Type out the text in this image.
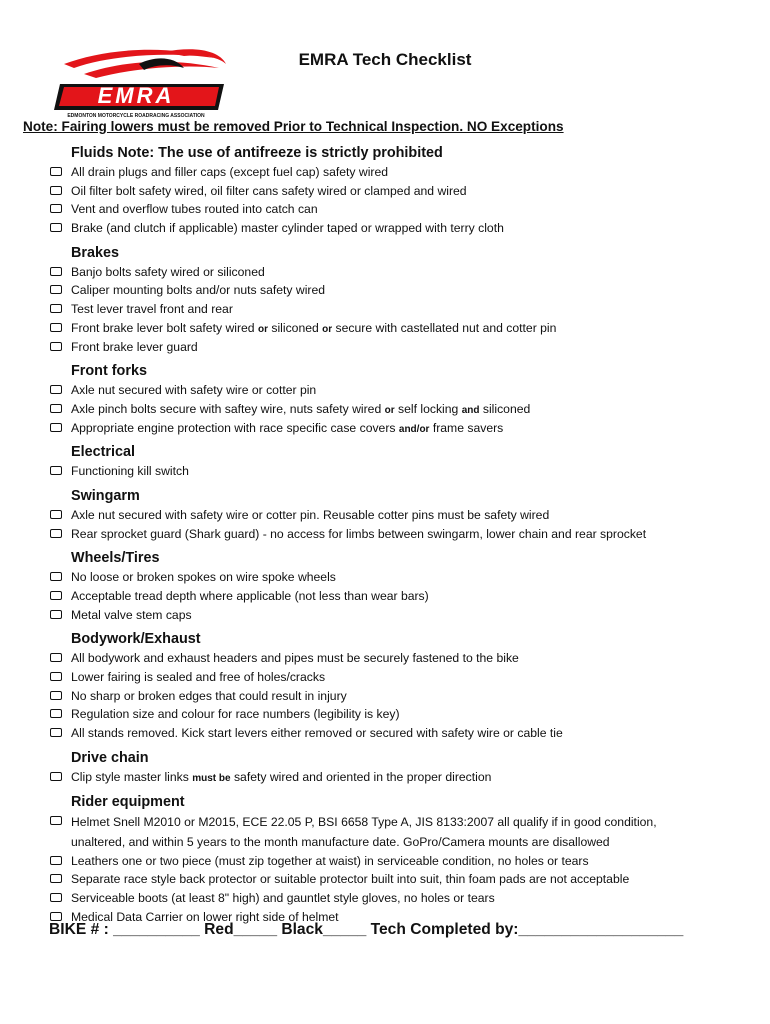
EMRA
EDMONTON MOTORCYCLE ROADRACING ASSOCIATION
EMRA Tech Checklist
Note: Fairing lowers must be removed Prior to Technical Inspection. NO Exceptions
Fluids Note: The use of antifreeze is strictly prohibited
All drain plugs and filler caps (except fuel cap) safety wired
Oil filter bolt safety wired, oil filter cans safety wired or clamped and wired
Vent and overflow tubes routed into catch can
Brake (and clutch if applicable) master cylinder taped or wrapped with terry cloth
Brakes
Banjo bolts safety wired or siliconed
Caliper mounting bolts and/or nuts safety wired
Test lever travel front and rear
Front brake lever bolt safety wired or siliconed or secure with castellated nut and cotter pin
Front brake lever guard
Front forks
Axle nut secured with safety wire or cotter pin
Axle pinch bolts secure with saftey wire, nuts safety wired or self locking and siliconed
Appropriate engine protection with race specific case covers and/or frame savers
Electrical
Functioning kill switch
Swingarm
Axle nut secured with safety wire or cotter pin. Reusable cotter pins must be safety wired
Rear sprocket guard (Shark guard) - no access for limbs between swingarm, lower chain and rear sprocket
Wheels/Tires
No loose or broken spokes on wire spoke wheels
Acceptable tread depth where applicable (not less than wear bars)
Metal valve stem caps
Bodywork/Exhaust
All bodywork and exhaust headers and pipes must be securely fastened to the bike
Lower fairing is sealed and free of holes/cracks
No sharp or broken edges that could result in injury
Regulation size and colour for race numbers (legibility is key)
All stands removed. Kick start levers either removed or secured with safety wire or cable tie
Drive chain
Clip style master links must be safety wired and oriented in the proper direction
Rider equipment
Helmet Snell M2010 or M2015, ECE 22.05 P, BSI 6658 Type A, JIS 8133:2007 all qualify if in good condition, unaltered, and within 5 years to the month manufacture date. GoPro/Camera mounts are disallowed
Leathers one or two piece (must zip together at waist) in serviceable condition, no holes or tears
Separate race style back protector or suitable protector built into suit, thin foam pads are not acceptable
Serviceable boots (at least 8" high) and gauntlet style gloves, no holes or tears
Medical Data Carrier on lower right side of helmet
BIKE # : __________ Red_____ Black_____ Tech Completed by:___________________
